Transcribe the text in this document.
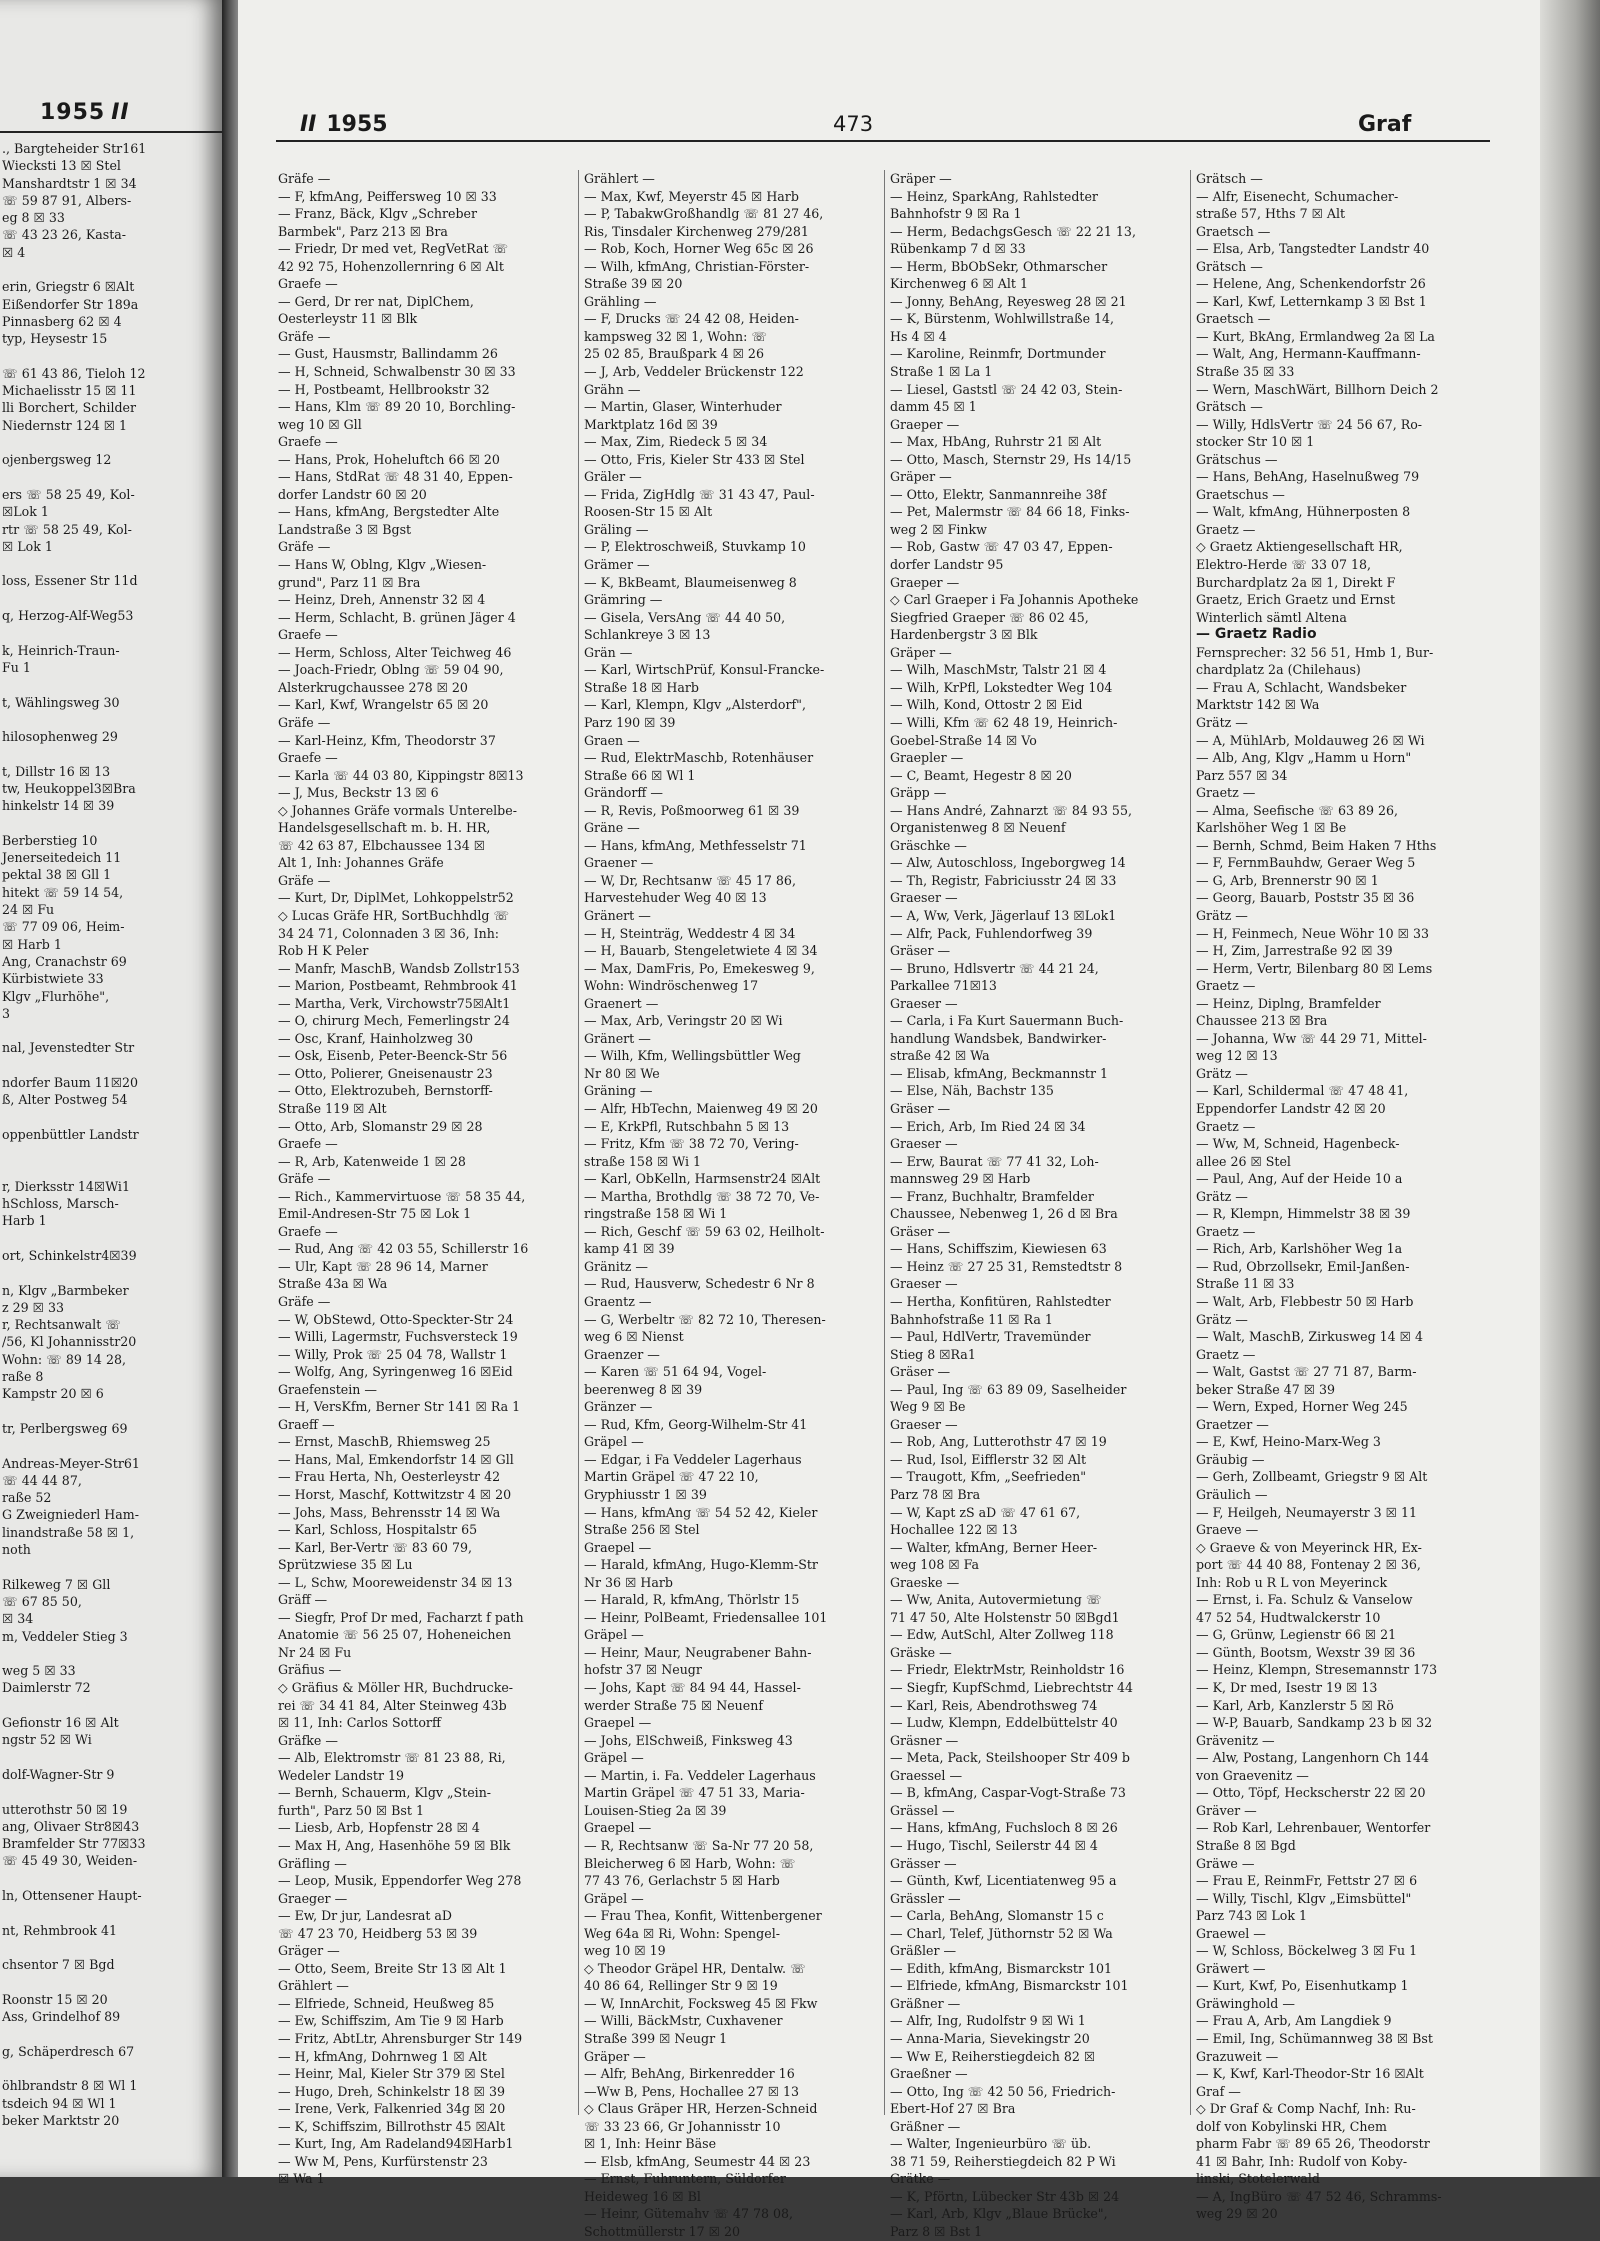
1955 II
., Bargteheider Str161
Wiecksti 13 ☒ Stel
Manshardtstr 1 ☒ 34
☏ 59 87 91, Albers-
eg 8 ☒ 33
☏ 43 23 26, Kasta-
☒ 4
erin, Griegstr 6 ☒Alt
Eißendorfer Str 189a
Pinnasberg 62 ☒ 4
typ, Heysestr 15
☏ 61 43 86, Tieloh 12
Michaelisstr 15 ☒ 11
lli Borchert, Schilder
Niedernstr 124 ☒ 1
ojenbergsweg 12
ers ☏ 58 25 49, Kol-
☒Lok 1
rtr ☏ 58 25 49, Kol-
☒ Lok 1
loss, Essener Str 11d
q, Herzog-Alf-Weg53
k, Heinrich-Traun-
Fu 1
t, Wählingsweg 30
hilosophenweg 29
t, Dillstr 16 ☒ 13
tw, Heukoppel3☒Bra
hinkelstr 14 ☒ 39
Berberstieg 10
Jenerseitedeich 11
pektal 38 ☒ Gll 1
hitekt ☏ 59 14 54,
24 ☒ Fu
☏ 77 09 06, Heim-
☒ Harb 1
Ang, Cranachstr 69
Kürbistwiete 33
Klgv „Flurhöhe",
3
nal, Jevenstedter Str
ndorfer Baum 11☒20
ß, Alter Postweg 54
oppenbüttler Landstr
r, Dierksstr 14☒Wi1
hSchloss, Marsch-
Harb 1
ort, Schinkelstr4☒39
n, Klgv „Barmbeker
z 29 ☒ 33
r, Rechtsanwalt ☏
/56, Kl Johannisstr20
Wohn: ☏ 89 14 28,
raße 8
Kampstr 20 ☒ 6
tr, Perlbergsweg 69
Andreas-Meyer-Str61
☏ 44 44 87,
raße 52
G Zweigniederl Ham-
linandstraße 58 ☒ 1,
noth
Rilkeweg 7 ☒ Gll
☏ 67 85 50,
☒ 34
m, Veddeler Stieg 3
weg 5 ☒ 33
Daimlerstr 72
Gefionstr 16 ☒ Alt
ngstr 52 ☒ Wi
dolf-Wagner-Str 9
utterothstr 50 ☒ 19
ang, Olivaer Str8☒43
Bramfelder Str 77☒33
☏ 45 49 30, Weiden-
ln, Ottensener Haupt-
nt, Rehmbrook 41
chsentor 7 ☒ Bgd
Roonstr 15 ☒ 20
Ass, Grindelhof 89
g, Schäperdresch 67
öhlbrandstr 8 ☒ Wl 1
tsdeich 94 ☒ Wl 1
beker Marktstr 20
II 1955	473	Graf
Gräfe —
— F, kfmAng, Peiffersweg 10 ☒ 33
— Franz, Bäck, Klgv „Schreber
Barmbek", Parz 213 ☒ Bra
— Friedr, Dr med vet, RegVetRat ☏
42 92 75, Hohenzollernring 6 ☒ Alt
Graefe —
— Gerd, Dr rer nat, DiplChem,
Oesterleystr 11 ☒ Blk
Gräfe —
— Gust, Hausmstr, Ballindamm 26
— H, Schneid, Schwalbenstr 30 ☒ 33
— H, Postbeamt, Hellbrookstr 32
— Hans, Klm ☏ 89 20 10, Borchling-
weg 10 ☒ Gll
Graefe —
— Hans, Prok, Hoheluftch 66 ☒ 20
— Hans, StdRat ☏ 48 31 40, Eppen-
dorfer Landstr 60 ☒ 20
— Hans, kfmAng, Bergstedter Alte
Landstraße 3 ☒ Bgst
Gräfe —
— Hans W, Oblng, Klgv „Wiesen-
grund", Parz 11 ☒ Bra
— Heinz, Dreh, Annenstr 32 ☒ 4
— Herm, Schlacht, B. grünen Jäger 4
Graefe —
— Herm, Schloss, Alter Teichweg 46
— Joach-Friedr, Oblng ☏ 59 04 90,
Alsterkrugchaussee 278 ☒ 20
— Karl, Kwf, Wrangelstr 65 ☒ 20
Gräfe —
— Karl-Heinz, Kfm, Theodorstr 37
Graefe —
— Karla ☏ 44 03 80, Kippingstr 8☒13
— J, Mus, Beckstr 13 ☒ 6
◇ Johannes Gräfe vormals Unterelbe-
Handelsgesellschaft m. b. H. HR,
☏ 42 63 87, Elbchaussee 134 ☒
Alt 1, Inh: Johannes Gräfe
Gräfe —
— Kurt, Dr, DiplMet, Lohkoppelstr52
◇ Lucas Gräfe HR, SortBuchhdlg ☏
34 24 71, Colonnaden 3 ☒ 36, Inh:
Rob H K Peler
— Manfr, MaschB, Wandsb Zollstr153
— Marion, Postbeamt, Rehmbrook 41
— Martha, Verk, Virchowstr75☒Alt1
— O, chirurg Mech, Femerlingstr 24
— Osc, Kranf, Hainholzweg 30
— Osk, Eisenb, Peter-Beenck-Str 56
— Otto, Polierer, Gneisenaustr 23
— Otto, Elektrozubeh, Bernstorff-
Straße 119 ☒ Alt
— Otto, Arb, Slomanstr 29 ☒ 28
Graefe —
— R, Arb, Katenweide 1 ☒ 28
Gräfe —
— Rich., Kammervirtuose ☏ 58 35 44,
Emil-Andresen-Str 75 ☒ Lok 1
Graefe —
— Rud, Ang ☏ 42 03 55, Schillerstr 16
— Ulr, Kapt ☏ 28 96 14, Marner
Straße 43a ☒ Wa
Gräfe —
— W, ObStewd, Otto-Speckter-Str 24
— Willi, Lagermstr, Fuchsversteck 19
— Willy, Prok ☏ 25 04 78, Wallstr 1
— Wolfg, Ang, Syringenweg 16 ☒Eid
Graefenstein —
— H, VersKfm, Berner Str 141 ☒ Ra 1
Graeff —
— Ernst, MaschB, Rhiemsweg 25
— Hans, Mal, Emkendorfstr 14 ☒ Gll
— Frau Herta, Nh, Oesterleystr 42
— Horst, Maschf, Kottwitzstr 4 ☒ 20
— Johs, Mass, Behrensstr 14 ☒ Wa
— Karl, Schloss, Hospitalstr 65
— Karl, Ber-Vertr ☏ 83 60 79,
Sprützwiese 35 ☒ Lu
— L, Schw, Mooreweidenstr 34 ☒ 13
Gräff —
— Siegfr, Prof Dr med, Facharzt f path
Anatomie ☏ 56 25 07, Hoheneichen
Nr 24 ☒ Fu
Gräfius —
◇ Gräfius & Möller HR, Buchdrucke-
rei ☏ 34 41 84, Alter Steinweg 43b
☒ 11, Inh: Carlos Sottorff
Gräfke —
— Alb, Elektromstr ☏ 81 23 88, Ri,
Wedeler Landstr 19
— Bernh, Schauerm, Klgv „Stein-
furth", Parz 50 ☒ Bst 1
— Liesb, Arb, Hopfenstr 28 ☒ 4
— Max H, Ang, Hasenhöhe 59 ☒ Blk
Gräfling —
— Leop, Musik, Eppendorfer Weg 278
Graeger —
— Ew, Dr jur, Landesrat aD
☏ 47 23 70, Heidberg 53 ☒ 39
Gräger —
— Otto, Seem, Breite Str 13 ☒ Alt 1
Grählert —
— Elfriede, Schneid, Heußweg 85
— Ew, Schiffszim, Am Tie 9 ☒ Harb
— Fritz, AbtLtr, Ahrensburger Str 149
— H, kfmAng, Dohrnweg 1 ☒ Alt
— Heinr, Mal, Kieler Str 379 ☒ Stel
— Hugo, Dreh, Schinkelstr 18 ☒ 39
— Irene, Verk, Falkenried 34g ☒ 20
— K, Schiffszim, Billrothstr 45 ☒Alt
— Kurt, Ing, Am Radeland94☒Harb1
— Ww M, Pens, Kurfürstenstr 23
☒ Wa 1
Grählert —
— Max, Kwf, Meyerstr 45 ☒ Harb
— P, TabakwGroßhandlg ☏ 81 27 46,
Ris, Tinsdaler Kirchenweg 279/281
— Rob, Koch, Horner Weg 65c ☒ 26
— Wilh, kfmAng, Christian-Förster-
Straße 39 ☒ 20
Grähling —
— F, Drucks ☏ 24 42 08, Heiden-
kampsweg 32 ☒ 1, Wohn: ☏
25 02 85, Braußpark 4 ☒ 26
— J, Arb, Veddeler Brückenstr 122
Grähn —
— Martin, Glaser, Winterhuder
Marktplatz 16d ☒ 39
— Max, Zim, Riedeck 5 ☒ 34
— Otto, Fris, Kieler Str 433 ☒ Stel
Gräler —
— Frida, ZigHdlg ☏ 31 43 47, Paul-
Roosen-Str 15 ☒ Alt
Gräling —
— P, Elektroschweiß, Stuvkamp 10
Grämer —
— K, BkBeamt, Blaumeisenweg 8
Grämring —
— Gisela, VersAng ☏ 44 40 50,
Schlankreye 3 ☒ 13
Grän —
— Karl, WirtschPrüf, Konsul-Francke-
Straße 18 ☒ Harb
— Karl, Klempn, Klgv „Alsterdorf",
Parz 190 ☒ 39
Graen —
— Rud, ElektrMaschb, Rotenhäuser
Straße 66 ☒ Wl 1
Grändorff —
— R, Revis, Poßmoorweg 61 ☒ 39
Gräne —
— Hans, kfmAng, Methfesselstr 71
Graener —
— W, Dr, Rechtsanw ☏ 45 17 86,
Harvestehuder Weg 40 ☒ 13
Gränert —
— H, Steinträg, Weddestr 4 ☒ 34
— H, Bauarb, Stengeletwiete 4 ☒ 34
— Max, DamFris, Po, Emekesweg 9,
Wohn: Windröschenweg 17
Graenert —
— Max, Arb, Veringstr 20 ☒ Wi
Gränert —
— Wilh, Kfm, Wellingsbüttler Weg
Nr 80 ☒ We
Gräning —
— Alfr, HbTechn, Maienweg 49 ☒ 20
— E, KrkPfl, Rutschbahn 5 ☒ 13
— Fritz, Kfm ☏ 38 72 70, Vering-
straße 158 ☒ Wi 1
— Karl, ObKelln, Harmsenstr24 ☒Alt
— Martha, Brothdlg ☏ 38 72 70, Ve-
ringstraße 158 ☒ Wi 1
— Rich, Geschf ☏ 59 63 02, Heilholt-
kamp 41 ☒ 39
Gränitz —
— Rud, Hausverw, Schedestr 6 Nr 8
Graentz —
— G, Werbeltr ☏ 82 72 10, Theresen-
weg 6 ☒ Nienst
Graenzer —
— Karen ☏ 51 64 94, Vogel-
beerenweg 8 ☒ 39
Gränzer —
— Rud, Kfm, Georg-Wilhelm-Str 41
Gräpel —
— Edgar, i Fa Veddeler Lagerhaus
Martin Gräpel ☏ 47 22 10,
Gryphiusstr 1 ☒ 39
— Hans, kfmAng ☏ 54 52 42, Kieler
Straße 256 ☒ Stel
Graepel —
— Harald, kfmAng, Hugo-Klemm-Str
Nr 36 ☒ Harb
— Harald, R, kfmAng, Thörlstr 15
— Heinr, PolBeamt, Friedensallee 101
Gräpel —
— Heinr, Maur, Neugrabener Bahn-
hofstr 37 ☒ Neugr
— Johs, Kapt ☏ 84 94 44, Hassel-
werder Straße 75 ☒ Neuenf
Graepel —
— Johs, ElSchweiß, Finksweg 43
Gräpel —
— Martin, i. Fa. Veddeler Lagerhaus
Martin Gräpel ☏ 47 51 33, Maria-
Louisen-Stieg 2a ☒ 39
Graepel —
— R, Rechtsanw ☏ Sa-Nr 77 20 58,
Bleicherweg 6 ☒ Harb, Wohn: ☏
77 43 76, Gerlachstr 5 ☒ Harb
Gräpel —
— Frau Thea, Konfit, Wittenbergener
Weg 64a ☒ Ri, Wohn: Spengel-
weg 10 ☒ 19
◇ Theodor Gräpel HR, Dentalw. ☏
40 86 64, Rellinger Str 9 ☒ 19
— W, InnArchit, Focksweg 45 ☒ Fkw
— Willi, BäckMstr, Cuxhavener
Straße 399 ☒ Neugr 1
Gräper —
— Alfr, BehAng, Birkenredder 16
—Ww B, Pens, Hochallee 27 ☒ 13
◇ Claus Gräper HR, Herzen-Schneid
☏ 33 23 66, Gr Johannisstr 10
☒ 1, Inh: Heinr Bäse
— Elsb, kfmAng, Seumestr 44 ☒ 23
— Ernst, Fuhruntern, Süldorfer
Heideweg 16 ☒ Bl
— Heinr, Gütemahv ☏ 47 78 08,
Schottmüllerstr 17 ☒ 20
Gräper —
— Heinz, SparkAng, Rahlstedter
Bahnhofstr 9 ☒ Ra 1
— Herm, BedachgsGesch ☏ 22 21 13,
Rübenkamp 7 d ☒ 33
— Herm, BbObSekr, Othmarscher
Kirchenweg 6 ☒ Alt 1
— Jonny, BehAng, Reyesweg 28 ☒ 21
— K, Bürstenm, Wohlwillstraße 14,
Hs 4 ☒ 4
— Karoline, Reinmfr, Dortmunder
Straße 1 ☒ La 1
— Liesel, Gaststl ☏ 24 42 03, Stein-
damm 45 ☒ 1
Graeper —
— Max, HbAng, Ruhrstr 21 ☒ Alt
— Otto, Masch, Sternstr 29, Hs 14/15
Gräper —
— Otto, Elektr, Sanmannreihe 38f
— Pet, Malermstr ☏ 84 66 18, Finks-
weg 2 ☒ Finkw
— Rob, Gastw ☏ 47 03 47, Eppen-
dorfer Landstr 95
Graeper —
◇ Carl Graeper i Fa Johannis Apotheke
Siegfried Graeper ☏ 86 02 45,
Hardenbergstr 3 ☒ Blk
Gräper —
— Wilh, MaschMstr, Talstr 21 ☒ 4
— Wilh, KrPfl, Lokstedter Weg 104
— Wilh, Kond, Ottostr 2 ☒ Eid
— Willi, Kfm ☏ 62 48 19, Heinrich-
Goebel-Straße 14 ☒ Vo
Graepler —
— C, Beamt, Hegestr 8 ☒ 20
Gräpp —
— Hans André, Zahnarzt ☏ 84 93 55,
Organistenweg 8 ☒ Neuenf
Gräschke —
— Alw, Autoschloss, Ingeborgweg 14
— Th, Registr, Fabriciusstr 24 ☒ 33
Graeser —
— A, Ww, Verk, Jägerlauf 13 ☒Lok1
— Alfr, Pack, Fuhlendorfweg 39
Gräser —
— Bruno, Hdlsvertr ☏ 44 21 24,
Parkallee 71☒13
Graeser —
— Carla, i Fa Kurt Sauermann Buch-
handlung Wandsbek, Bandwirker-
straße 42 ☒ Wa
— Elisab, kfmAng, Beckmannstr 1
— Else, Näh, Bachstr 135
Gräser —
— Erich, Arb, Im Ried 24 ☒ 34
Graeser —
— Erw, Baurat ☏ 77 41 32, Loh-
mannsweg 29 ☒ Harb
— Franz, Buchhaltr, Bramfelder
Chaussee, Nebenweg 1, 26 d ☒ Bra
Gräser —
— Hans, Schiffszim, Kiewiesen 63
— Heinz ☏ 27 25 31, Remstedtstr 8
Graeser —
— Hertha, Konfitüren, Rahlstedter
Bahnhofstraße 11 ☒ Ra 1
— Paul, HdlVertr, Travemünder
Stieg 8 ☒Ra1
Gräser —
— Paul, Ing ☏ 63 89 09, Saselheider
Weg 9 ☒ Be
Graeser —
— Rob, Ang, Lutterothstr 47 ☒ 19
— Rud, Isol, Eifflerstr 32 ☒ Alt
— Traugott, Kfm, „Seefrieden"
Parz 78 ☒ Bra
— W, Kapt zS aD ☏ 47 61 67,
Hochallee 122 ☒ 13
— Walter, kfmAng, Berner Heer-
weg 108 ☒ Fa
Graeske —
— Ww, Anita, Autovermietung ☏
71 47 50, Alte Holstenstr 50 ☒Bgd1
— Edw, AutSchl, Alter Zollweg 118
Gräske —
— Friedr, ElektrMstr, Reinholdstr 16
— Siegfr, KupfSchmd, Liebrechtstr 44
— Karl, Reis, Abendrothsweg 74
— Ludw, Klempn, Eddelbüttelstr 40
Gräsner —
— Meta, Pack, Steilshooper Str 409 b
Graessel —
— B, kfmAng, Caspar-Vogt-Straße 73
Grässel —
— Hans, kfmAng, Fuchsloch 8 ☒ 26
— Hugo, Tischl, Seilerstr 44 ☒ 4
Grässer —
— Günth, Kwf, Licentiatenweg 95 a
Grässler —
— Carla, BehAng, Slomanstr 15 c
— Charl, Telef, Jüthornstr 52 ☒ Wa
Gräßler —
— Edith, kfmAng, Bismarckstr 101
— Elfriede, kfmAng, Bismarckstr 101
Gräßner —
— Alfr, Ing, Rudolfstr 9 ☒ Wi 1
— Anna-Maria, Sievekingstr 20
— Ww E, Reiherstiegdeich 82 ☒
Graeßner —
— Otto, Ing ☏ 42 50 56, Friedrich-
Ebert-Hof 27 ☒ Bra
Gräßner —
— Walter, Ingenieurbüro ☏ üb.
38 71 59, Reiherstiegdeich 82 P Wi
Grätke —
— K, Pförtn, Lübecker Str 43b ☒ 24
— Karl, Arb, Klgv „Blaue Brücke",
Parz 8 ☒ Bst 1
Grätsch —
— Alfr, Eisenecht, Schumacher-
straße 57, Hths 7 ☒ Alt
Graetsch —
— Elsa, Arb, Tangstedter Landstr 40
Grätsch —
— Helene, Ang, Schenkendorfstr 26
— Karl, Kwf, Letternkamp 3 ☒ Bst 1
Graetsch —
— Kurt, BkAng, Ermlandweg 2a ☒ La
— Walt, Ang, Hermann-Kauffmann-
Straße 35 ☒ 33
— Wern, MaschWärt, Billhorn Deich 2
Grätsch —
— Willy, HdlsVertr ☏ 24 56 67, Ro-
stocker Str 10 ☒ 1
Grätschus —
— Hans, BehAng, Haselnußweg 79
Graetschus —
— Walt, kfmAng, Hühnerposten 8
Graetz —
◇ Graetz Aktiengesellschaft HR,
Elektro-Herde ☏ 33 07 18,
Burchardplatz 2a ☒ 1, Direkt F
Graetz, Erich Graetz und Ernst
Winterlich sämtl Altena
— Graetz Radio
Fernsprecher: 32 56 51, Hmb 1, Bur-
chardplatz 2a (Chilehaus)
— Frau A, Schlacht, Wandsbeker
Marktstr 142 ☒ Wa
Grätz —
— A, MühlArb, Moldauweg 26 ☒ Wi
— Alb, Ang, Klgv „Hamm u Horn"
Parz 557 ☒ 34
Graetz —
— Alma, Seefische ☏ 63 89 26,
Karlshöher Weg 1 ☒ Be
— Bernh, Schmd, Beim Haken 7 Hths
— F, FernmBauhdw, Geraer Weg 5
— G, Arb, Brennerstr 90 ☒ 1
— Georg, Bauarb, Poststr 35 ☒ 36
Grätz —
— H, Feinmech, Neue Wöhr 10 ☒ 33
— H, Zim, Jarrestraße 92 ☒ 39
— Herm, Vertr, Bilenbarg 80 ☒ Lems
Graetz —
— Heinz, Diplng, Bramfelder
Chaussee 213 ☒ Bra
— Johanna, Ww ☏ 44 29 71, Mittel-
weg 12 ☒ 13
Grätz —
— Karl, Schildermal ☏ 47 48 41,
Eppendorfer Landstr 42 ☒ 20
Graetz —
— Ww, M, Schneid, Hagenbeck-
allee 26 ☒ Stel
— Paul, Ang, Auf der Heide 10 a
Grätz —
— R, Klempn, Himmelstr 38 ☒ 39
Graetz —
— Rich, Arb, Karlshöher Weg 1a
— Rud, Obrzollsekr, Emil-Janßen-
Straße 11 ☒ 33
— Walt, Arb, Flebbestr 50 ☒ Harb
Grätz —
— Walt, MaschB, Zirkusweg 14 ☒ 4
Graetz —
— Walt, Gastst ☏ 27 71 87, Barm-
beker Straße 47 ☒ 39
— Wern, Exped, Horner Weg 245
Graetzer —
— E, Kwf, Heino-Marx-Weg 3
Gräubig —
— Gerh, Zollbeamt, Griegstr 9 ☒ Alt
Gräulich —
— F, Heilgeh, Neumayerstr 3 ☒ 11
Graeve —
◇ Graeve & von Meyerinck HR, Ex-
port ☏ 44 40 88, Fontenay 2 ☒ 36,
Inh: Rob u R L von Meyerinck
— Ernst, i. Fa. Schulz & Vanselow
47 52 54, Hudtwalckerstr 10
— G, Grünw, Legienstr 66 ☒ 21
— Günth, Bootsm, Wexstr 39 ☒ 36
— Heinz, Klempn, Stresemannstr 173
— K, Dr med, Isestr 19 ☒ 13
— Karl, Arb, Kanzlerstr 5 ☒ Rö
— W-P, Bauarb, Sandkamp 23 b ☒ 32
Grävenitz —
— Alw, Postang, Langenhorn Ch 144
von Graevenitz —
— Otto, Töpf, Heckscherstr 22 ☒ 20
Gräver —
— Rob Karl, Lehrenbauer, Wentorfer
Straße 8 ☒ Bgd
Gräwe —
— Frau E, ReinmFr, Fettstr 27 ☒ 6
— Willy, Tischl, Klgv „Eimsbüttel"
Parz 743 ☒ Lok 1
Graewel —
— W, Schloss, Böckelweg 3 ☒ Fu 1
Gräwert —
— Kurt, Kwf, Po, Eisenhutkamp 1
Gräwinghold —
— Frau A, Arb, Am Langdiek 9
— Emil, Ing, Schümannweg 38 ☒ Bst
Grazuweit —
— K, Kwf, Karl-Theodor-Str 16 ☒Alt
Graf —
◇ Dr Graf & Comp Nachf, Inh: Ru-
dolf von Kobylinski HR, Chem
pharm Fabr ☏ 89 65 26, Theodorstr
41 ☒ Bahr, Inh: Rudolf von Koby-
linski, Stotelerwald
— A, IngBüro ☏ 47 52 46, Schramms-
weg 29 ☒ 20
